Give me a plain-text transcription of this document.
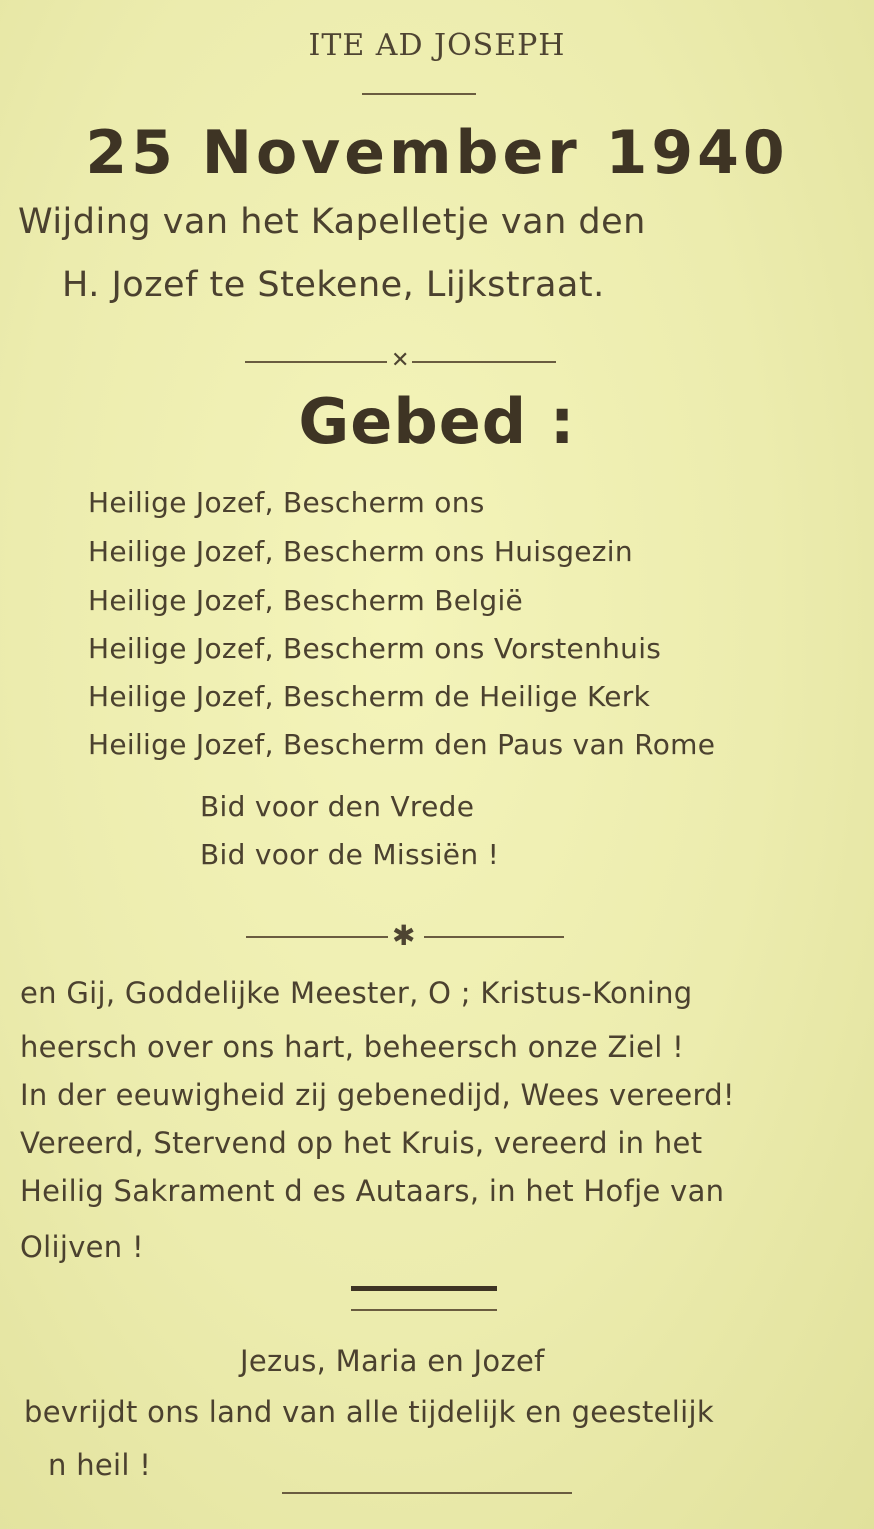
ITE AD JOSEPH
25 November 1940
Wijding van het Kapelletje van den
H. Jozef te Stekene, Lijkstraat.
✕
Gebed :
Heilige Jozef, Bescherm ons
Heilige Jozef, Bescherm ons Huisgezin
Heilige Jozef, Bescherm België
Heilige Jozef, Bescherm ons Vorstenhuis
Heilige Jozef, Bescherm de Heilige Kerk
Heilige Jozef, Bescherm den Paus van Rome
Bid voor den Vrede
Bid voor de Missiën !
✱
en Gij, Goddelijke Meester, O ; Kristus-Koning
heersch over ons hart, beheersch onze Ziel !
In der eeuwigheid zij gebenedijd, Wees vereerd!
Vereerd, Stervend op het Kruis, vereerd in het
Heilig Sakrament d es Autaars, in het Hofje van
Olijven !
Jezus, Maria en Jozef
bevrijdt ons land van alle tijdelijk en geestelijk
n heil !
